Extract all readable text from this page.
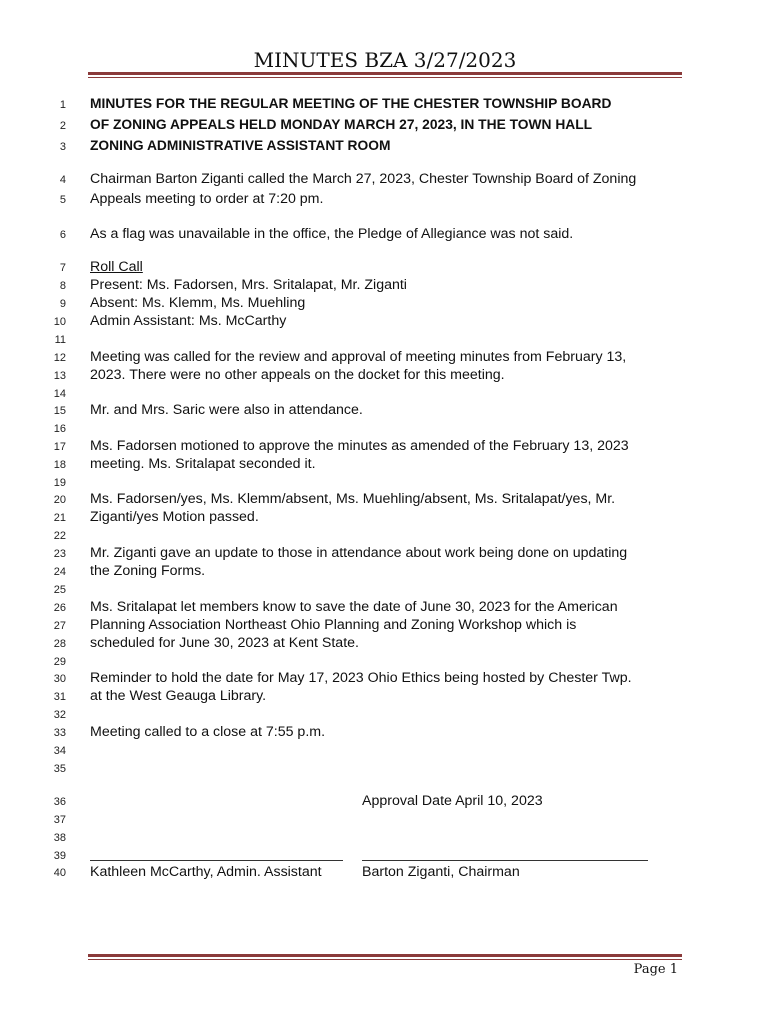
MINUTES BZA 3/27/2023
1 MINUTES FOR THE REGULAR MEETING OF THE CHESTER TOWNSHIP BOARD
2 OF ZONING APPEALS HELD MONDAY MARCH 27, 2023, IN THE TOWN HALL
3 ZONING ADMINISTRATIVE ASSISTANT ROOM
4 Chairman Barton Ziganti called the March 27, 2023, Chester Township Board of Zoning
5 Appeals meeting to order at 7:20 pm.
6 As a flag was unavailable in the office, the Pledge of Allegiance was not said.
7 Roll Call
8 Present: Ms. Fadorsen, Mrs. Sritalapat, Mr. Ziganti
9 Absent: Ms. Klemm, Ms. Muehling
10 Admin Assistant: Ms. McCarthy
11
12 Meeting was called for the review and approval of meeting minutes from February 13,
13 2023. There were no other appeals on the docket for this meeting.
14
15 Mr. and Mrs. Saric were also in attendance.
16
17 Ms. Fadorsen motioned to approve the minutes as amended of the February 13, 2023
18 meeting. Ms. Sritalapat seconded it.
19
20 Ms. Fadorsen/yes, Ms. Klemm/absent, Ms. Muehling/absent, Ms. Sritalapat/yes, Mr.
21 Ziganti/yes Motion passed.
22
23 Mr. Ziganti gave an update to those in attendance about work being done on updating
24 the Zoning Forms.
25
26 Ms. Sritalapat let members know to save the date of June 30, 2023 for the American
27 Planning Association Northeast Ohio Planning and Zoning Workshop which is
28 scheduled for June 30, 2023 at Kent State.
29
30 Reminder to hold the date for May 17, 2023 Ohio Ethics being hosted by Chester Twp.
31 at the West Geauga Library.
32
33 Meeting called to a close at 7:55 p.m.
34
35
36	Approval Date April 10, 2023
37
38
39
40 Kathleen McCarthy, Admin. Assistant	Barton Ziganti, Chairman
Page 1
